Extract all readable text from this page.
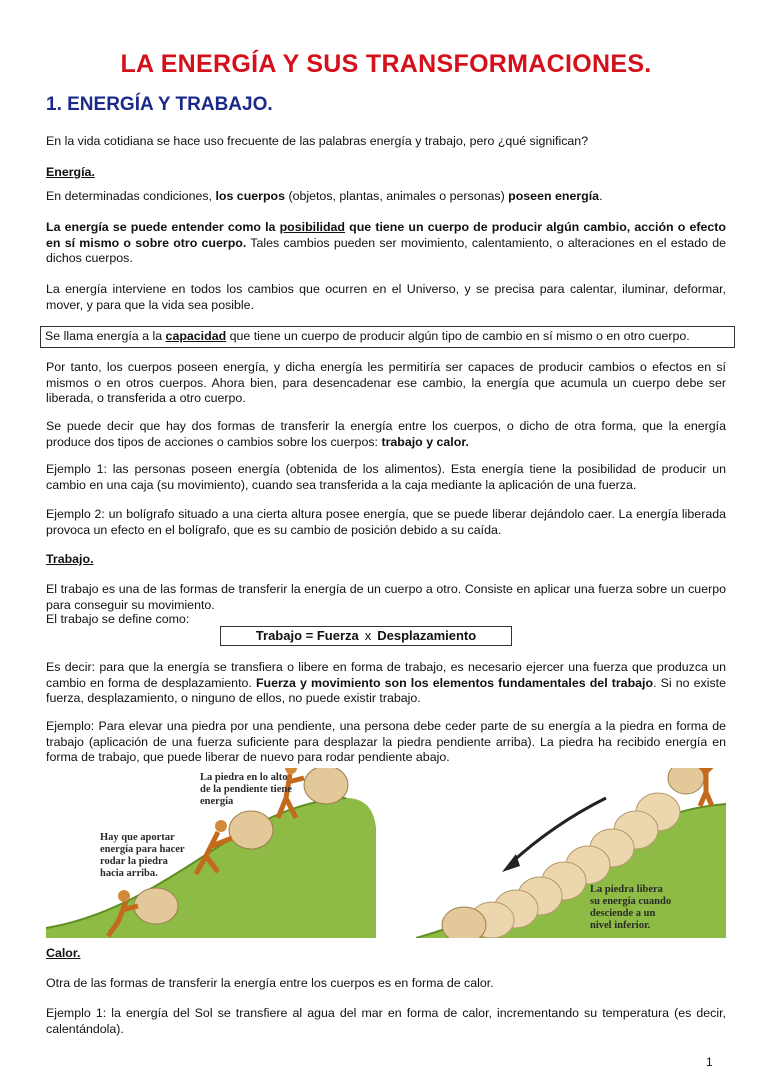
LA ENERGÍA Y SUS TRANSFORMACIONES.
1. ENERGÍA Y TRABAJO.

En la vida cotidiana se hace uso frecuente de las palabras energía y trabajo, pero ¿qué significan?

Energía.

En determinadas condiciones, los cuerpos (objetos, plantas, animales o personas) poseen energía.

La energía se puede entender como la posibilidad que tiene un cuerpo de producir algún cambio, acción o efecto en sí mismo o sobre otro cuerpo. Tales cambios pueden ser movimiento, calentamiento, o alteraciones en el estado de dichos cuerpos.

La energía interviene en todos los cambios que ocurren en el Universo, y se precisa para calentar, iluminar, deformar, mover, y para que la vida sea posible.

Se llama energía a la capacidad que tiene un cuerpo de producir algún tipo de cambio en sí mismo o en otro cuerpo.

Por tanto, los cuerpos poseen energía, y dicha energía les permitiría ser capaces de producir cambios o efectos en sí mismos o en otros cuerpos. Ahora bien, para desencadenar ese cambio, la energía que acumula un cuerpo debe ser liberada, o transferida a otro cuerpo.

Se puede decir que hay dos formas de transferir la energía entre los cuerpos, o dicho de otra forma, que la energía produce dos tipos de acciones o cambios sobre los cuerpos: trabajo y calor.

Ejemplo 1: las personas poseen energía (obtenida de los alimentos). Esta energía tiene la posibilidad de producir un cambio en una caja (su movimiento), cuando sea transferida a la caja mediante la aplicación de una fuerza.

Ejemplo 2: un bolígrafo situado a una cierta altura posee energía, que se puede liberar dejándolo caer. La energía liberada provoca un efecto en el bolígrafo, que es su cambio de posición debido a su caída.

Trabajo.

El trabajo es una de las formas de transferir la energía de un cuerpo a otro. Consiste en aplicar una fuerza sobre un cuerpo para conseguir su movimiento.

El trabajo se define como:

Trabajo = Fuerza x Desplazamiento

Es decir: para que la energía se transfiera o libere en forma de trabajo, es necesario ejercer una fuerza que produzca un cambio en forma de desplazamiento. Fuerza y movimiento son los elementos fundamentales del trabajo. Si no existe fuerza, desplazamiento, o ninguno de ellos, no puede existir trabajo.

Ejemplo: Para elevar una piedra por una pendiente, una persona debe ceder parte de su energía a la piedra en forma de trabajo (aplicación de una fuerza suficiente para desplazar la piedra pendiente arriba). La piedra ha recibido energía en forma de trabajo, que puede liberar de nuevo para rodar pendiente abajo.

La piedra en lo alto de la pendiente tiene energía
Hay que aportar energía para hacer rodar la piedra hacia arriba.
La piedra libera su energía cuando desciende a un nivel inferior.

Calor.

Otra de las formas de transferir la energía entre los cuerpos es en forma de calor.

Ejemplo 1: la energía del Sol se transfiere al agua del mar en forma de calor, incrementando su temperatura (es decir, calentándola).

1
